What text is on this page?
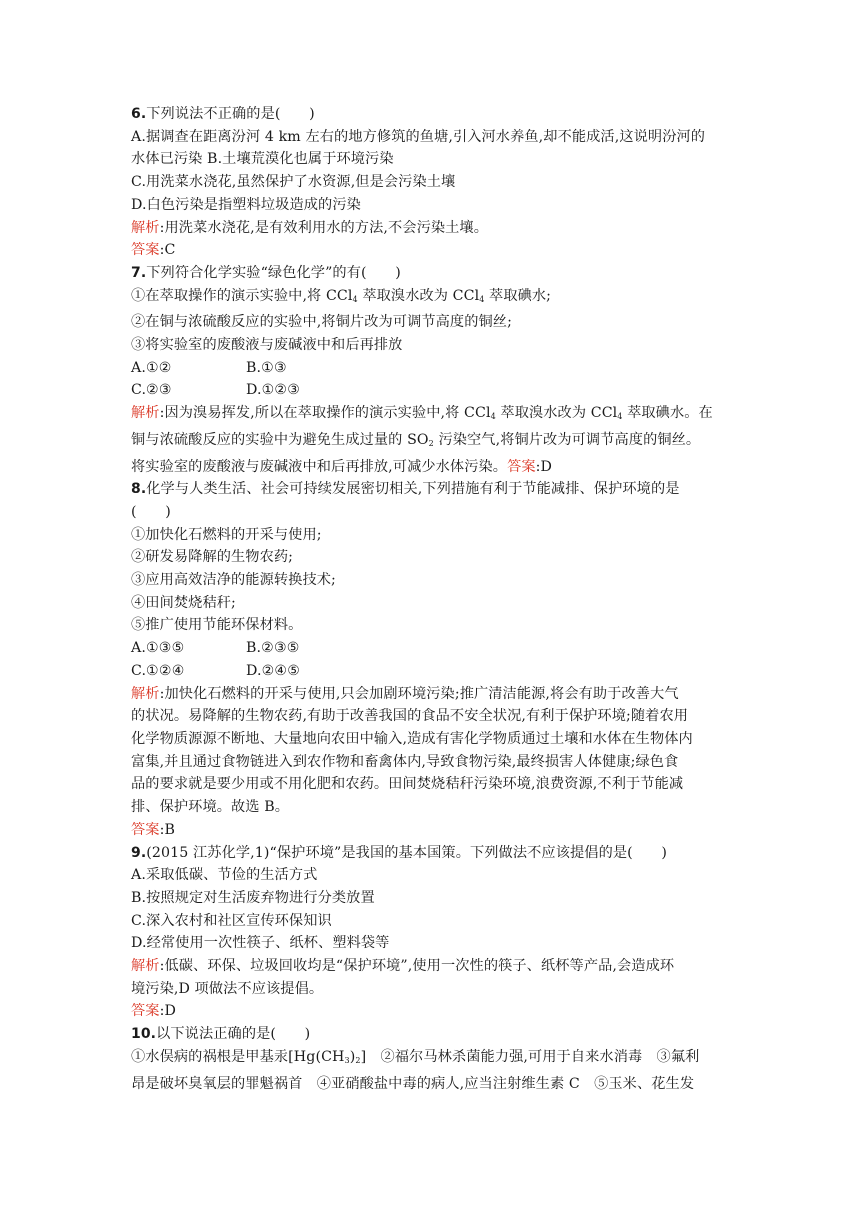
6.下列说法不正确的是(　　)
A.据调查在距离汾河 4 km 左右的地方修筑的鱼塘,引入河水养鱼,却不能成活,这说明汾河的
水体已污染 B.土壤荒漠化也属于环境污染
C.用洗菜水浇花,虽然保护了水资源,但是会污染土壤
D.白色污染是指塑料垃圾造成的污染
解析:用洗菜水浇花,是有效利用水的方法,不会污染土壤。
答案:C
7.下列符合化学实验“绿色化学”的有(　　)
①在萃取操作的演示实验中,将 CCl$_4$ 萃取溴水改为 CCl$_4$ 萃取碘水;
②在铜与浓硫酸反应的实验中,将铜片改为可调节高度的铜丝;
③将实验室的废酸液与废碱液中和后再排放
A.①②	B.①③
C.②③	D.①②③
解析:因为溴易挥发,所以在萃取操作的演示实验中,将 CCl$_4$ 萃取溴水改为 CCl$_4$ 萃取碘水。在
铜与浓硫酸反应的实验中为避免生成过量的 $SO_2$ 污染空气,将铜片改为可调节高度的铜丝。
将实验室的废酸液与废碱液中和后再排放,可减少水体污染。答案:D
8.化学与人类生活、社会可持续发展密切相关,下列措施有利于节能减排、保护环境的是
(　　)
①加快化石燃料的开采与使用;
②研发易降解的生物农药;
③应用高效洁净的能源转换技术;
④田间焚烧秸秆;
⑤推广使用节能环保材料。
A.①③⑤	B.②③⑤
C.①②④	D.②④⑤
解析:加快化石燃料的开采与使用,只会加剧环境污染;推广清洁能源,将会有助于改善大气
的状况。易降解的生物农药,有助于改善我国的食品不安全状况,有利于保护环境;随着农用
化学物质源源不断地、大量地向农田中输入,造成有害化学物质通过土壤和水体在生物体内
富集,并且通过食物链进入到农作物和畜禽体内,导致食物污染,最终损害人体健康;绿色食
品的要求就是要少用或不用化肥和农药。田间焚烧秸秆污染环境,浪费资源,不利于节能减
排、保护环境。故选 B。
答案:B
9.(2015 江苏化学,1)“保护环境”是我国的基本国策。下列做法不应该提倡的是(　　)
A.采取低碳、节俭的生活方式
B.按照规定对生活废弃物进行分类放置
C.深入农村和社区宣传环保知识
D.经常使用一次性筷子、纸杯、塑料袋等
解析:低碳、环保、垃圾回收均是“保护环境”,使用一次性的筷子、纸杯等产品,会造成环
境污染,D 项做法不应该提倡。
答案:D
10.以下说法正确的是(　　)
①水俣病的祸根是甲基汞$[Hg(CH_3)_2]$　②福尔马林杀菌能力强,可用于自来水消毒　③氟利
昂是破坏臭氧层的罪魁祸首　④亚硝酸盐中毒的病人,应当注射维生素 C　⑤玉米、花生发
